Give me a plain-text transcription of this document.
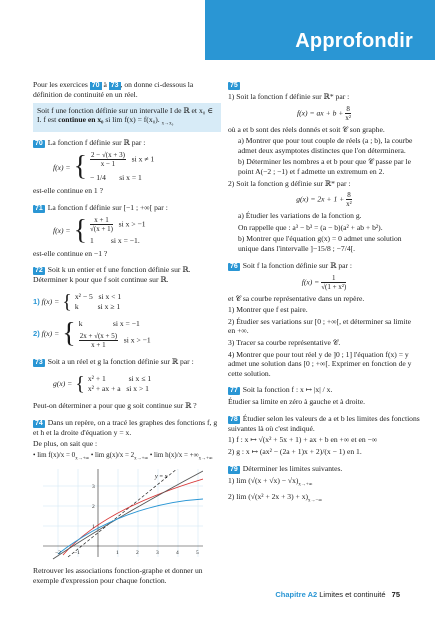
Approfondir
Pour les exercices 70 à 73 , on donne ci-dessous la définition de continuité en un réel.
Soit f une fonction définie sur un intervalle I de ℝ et x₀ ∈ I. f est continue en x₀ si lim f(x) = f(x₀). $_{x\to x_0}$
70 La fonction f définie sur ℝ par :
f(x) = { $\frac{2 - √(x + 3)}{x - 1}$ si x ≠ 1
− 1/4 si x = 1
est-elle continue en 1 ?
71 La fonction f définie sur [−1 ; +∞[ par :
f(x) = { $\frac{x + 1}{√(x + 1)}$ si x > −1
1 si x = −1.
est-elle continue en −1 ?
72 Soit k un entier et f une fonction définie sur ℝ. Déterminer k pour que f soit continue sur ℝ.
1)
f(x) = { x² − 5 si x < 1
k si x ≥ 1
2)
f(x) = { k	si x = −1
$\frac{2x + √(x + 5)}{x + 1}$ si x > −1
73 Soit a un réel et g la fonction définie sur ℝ par :
g(x) = { x² + 1	si x ≤ 1
x² + ax + a si x > 1
Peut-on déterminer a pour que g soit continue sur ℝ ?
74 Dans un repère, on a tracé les graphes des fonctions f, g et h et la droite d'équation y = x.
De plus, on sait que :
• $\lim f(x)/x = 0_{x\to+\infty}$ • $\lim g(x)/x = 2_{x\to+\infty}$ • $\lim h(x)/x = +\infty_{x\to+\infty}$
y = x
−2 −1	1	2	3	4	5
3
2
1
Retrouver les associations fonction-graphe et donner un exemple d'expression pour chaque fonction.
75
1) Soit la fonction f définie sur ℝ* par :
f(x) = ax + $b + \frac{8}{\text{x²}}$
où a et b sont des réels donnés et soit 𝒞 son graphe.
a) Montrer que pour tout couple de réels (a ; b), la courbe admet deux asymptotes distinctes que l'on déterminera.
b) Déterminer les nombres a et b pour que 𝒞 passe par le point A(−2 ; −1) et f admette un extremum en 2.
2) Soit la fonction g définie sur ℝ* par :
$g(x) = 2x + 1 + \frac{8}{\text{x²}}$
a) Étudier les variations de la fonction g.
On rappelle que : a³ − b³ = (a − b)(a² + ab + b²).
b) Montrer que l'équation g(x) = 0 admet une solution unique dans l'intervalle ]−15/8 ; −7/4[.
76 Soit f la fonction définie sur ℝ par :
$f(x) = \frac{1}{\text{√(1 + x²)}}$
et 𝒞 sa courbe représentative dans un repère.
1) Montrer que f est paire.
2) Étudier ses variations sur [0 ; +∞[, et déterminer sa limite en +∞.
3) Tracer sa courbe représentative 𝒞.
4) Montrer que pour tout réel y de ]0 ; 1] l'équation f(x) = y admet une solution dans [0 ; +∞[. Exprimer en fonction de y cette solution.
77 Soit la fonction f : x ↦ |x| / x.
Étudier sa limite en zéro à gauche et à droite.
78 Étudier selon les valeurs de a et b les limites des fonctions suivantes là où c'est indiqué.
1) f : x ↦ √(x² + 5x + 1) + ax + b en +∞ et en −∞
2) g : x ↦ (ax² − (2a + 1)x + 2)/(x − 1) en 1.
79 Déterminer les limites suivantes.
1) $\lim (√(x + √x) - √x)_{x\to+\infty}$
2) $\lim (√(x^2 + 2x + 3) + x)_{x\to-\infty}$
Chapitre A2 Limites et continuité 75
